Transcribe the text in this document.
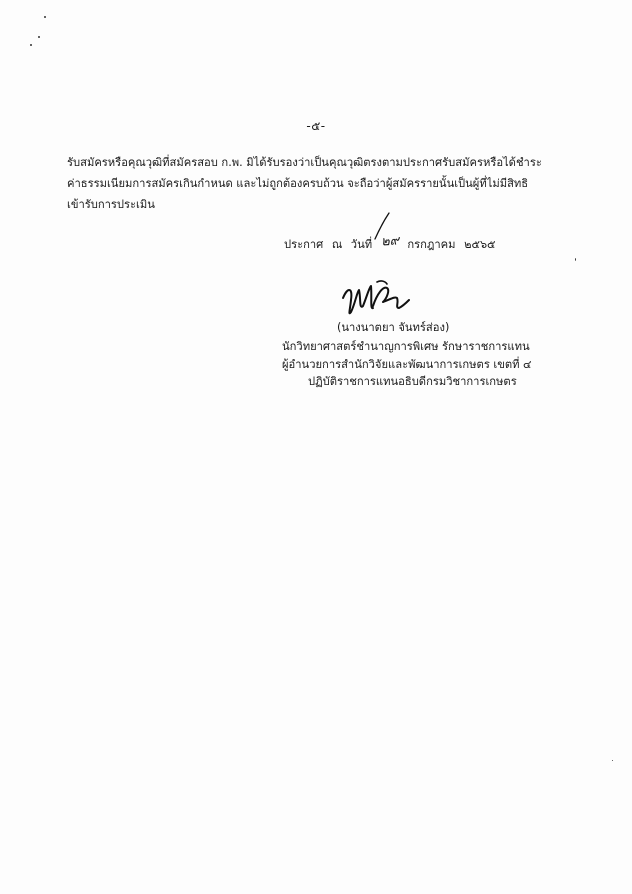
-๕-
รับสมัครหรือคุณวุฒิที่สมัครสอบ ก.พ. มิได้รับรองว่าเป็นคุณวุฒิตรงตามประกาศรับสมัครหรือได้ชำระ
ค่าธรรมเนียมการสมัครเกินกำหนด และไม่ถูกต้องครบถ้วน จะถือว่าผู้สมัครรายนั้นเป็นผู้ที่ไม่มีสิทธิ
เข้ารับการประเมิน
ประกาศ ณ วันที่ ๒๙ กรกฎาคม ๒๕๖๕
(นางนาตยา จันทร์ส่อง)
นักวิทยาศาสตร์ชำนาญการพิเศษ รักษาราชการแทน
ผู้อำนวยการสำนักวิจัยและพัฒนาการเกษตร เขตที่ ๔
ปฏิบัติราชการแทนอธิบดีกรมวิชาการเกษตร
